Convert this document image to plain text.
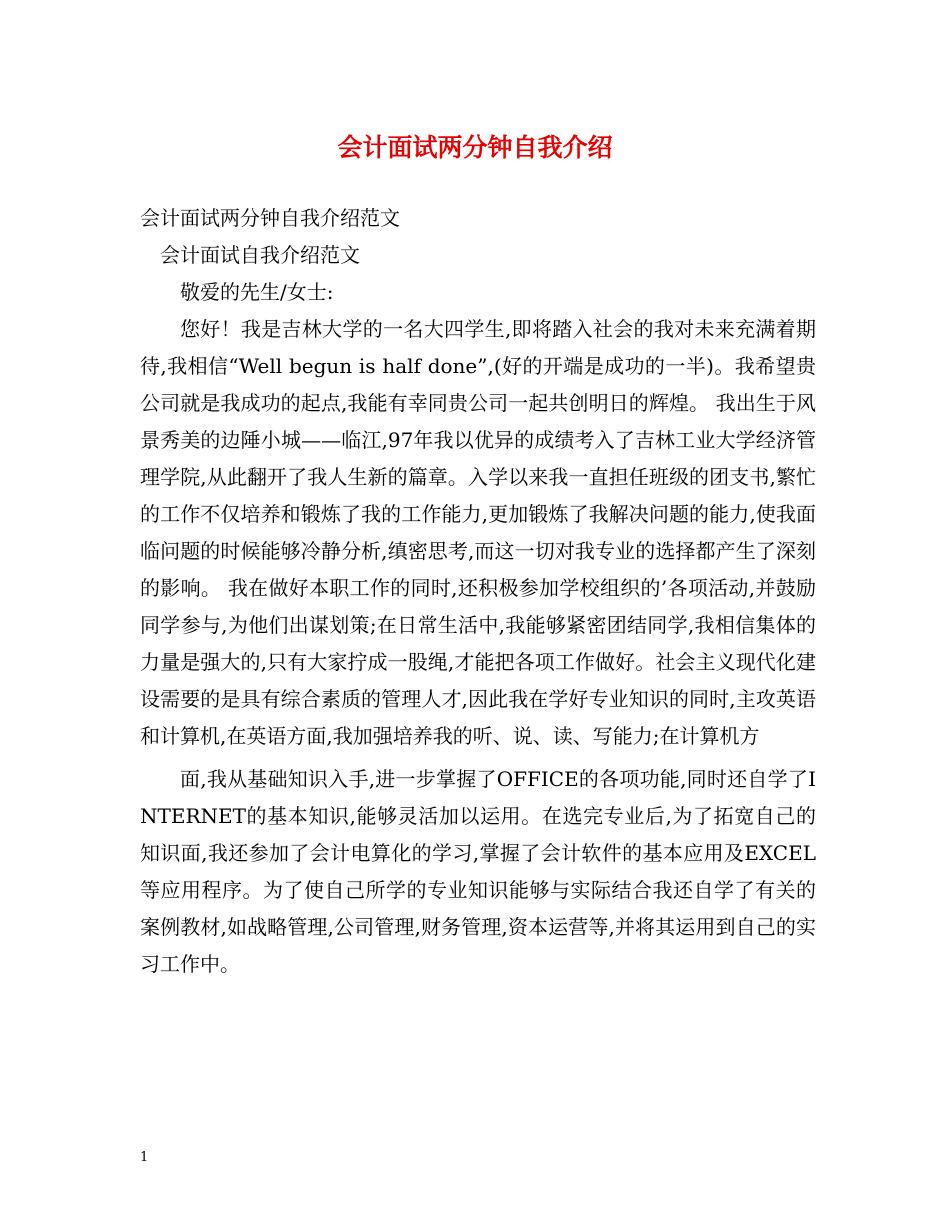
会计面试两分钟自我介绍

会计面试两分钟自我介绍范文

会计面试自我介绍范文

敬爱的先生/女士:

您好！我是吉林大学的一名大四学生,即将踏入社会的我对未来充满着期待,我相信“Well begun is half done”,(好的开端是成功的一半)。我希望贵公司就是我成功的起点,我能有幸同贵公司一起共创明日的辉煌。 我出生于风景秀美的边陲小城——临江,97年我以优异的成绩考入了吉林工业大学经济管理学院,从此翻开了我人生新的篇章。入学以来我一直担任班级的团支书,繁忙的工作不仅培养和锻炼了我的工作能力,更加锻炼了我解决问题的能力,使我面临问题的时候能够冷静分析,缜密思考,而这一切对我专业的选择都产生了深刻的影响。 我在做好本职工作的同时,还积极参加学校组织的’各项活动,并鼓励同学参与,为他们出谋划策;在日常生活中,我能够紧密团结同学,我相信集体的力量是强大的,只有大家拧成一股绳,才能把各项工作做好。社会主义现代化建设需要的是具有综合素质的管理人才,因此我在学好专业知识的同时,主攻英语和计算机,在英语方面,我加强培养我的听、说、读、写能力;在计算机方

面,我从基础知识入手,进一步掌握了OFFICE的各项功能,同时还自学了INTERNET的基本知识,能够灵活加以运用。在选完专业后,为了拓宽自己的知识面,我还参加了会计电算化的学习,掌握了会计软件的基本应用及EXCEL等应用程序。为了使自己所学的专业知识能够与实际结合我还自学了有关的案例教材,如战略管理,公司管理,财务管理,资本运营等,并将其运用到自己的实习工作中。

1
